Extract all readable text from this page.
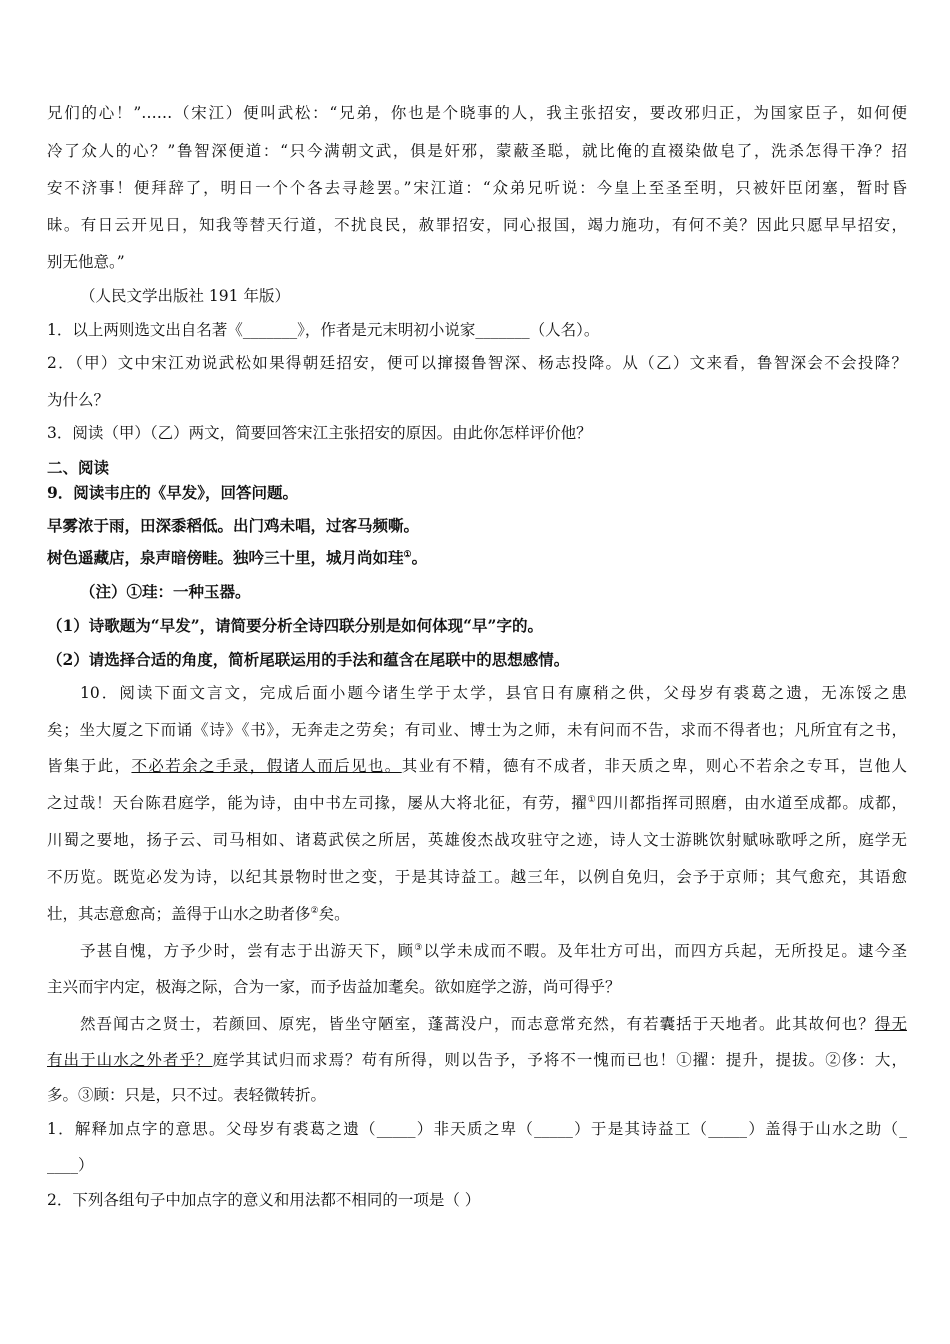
兄们的心！”……（宋江）便叫武松：“兄弟，你也是个晓事的人，我主张招安，要改邪归正，为国家臣子，如何便
冷了众人的心？”鲁智深便道：“只今满朝文武，俱是奸邪，蒙蔽圣聪，就比俺的直裰染做皂了，洗杀怎得干净？招
安不济事！便拜辞了，明日一个个各去寻趁罢。”宋江道：“众弟兄听说：今皇上至圣至明，只被奸臣闭塞，暂时昏
昧。有日云开见日，知我等替天行道，不扰良民，赦罪招安，同心报国，竭力施功，有何不美？因此只愿早早招安，
别无他意。”
（人民文学出版社 191 年版）
1．以上两则选文出自名著《_______》，作者是元末明初小说家_______（人名）。
2．（甲）文中宋江劝说武松如果得朝廷招安，便可以撺掇鲁智深、杨志投降。从（乙）文来看，鲁智深会不会投降？
为什么？
3．阅读（甲）（乙）两文，简要回答宋江主张招安的原因。由此你怎样评价他？
二、阅读
9．阅读韦庄的《早发》，回答问题。
早雾浓于雨，田深黍稻低。出门鸡未唱，过客马频嘶。
树色遥藏店，泉声暗傍畦。独吟三十里，城月尚如珪①。
（注）①珪：一种玉器。
（1）诗歌题为“早发”，请简要分析全诗四联分别是如何体现“早”字的。
（2）请选择合适的角度，简析尾联运用的手法和蕴含在尾联中的思想感情。
10．阅读下面文言文，完成后面小题今诸生学于太学，县官日有廪稍之供，父母岁有裘葛之遗，无冻馁之患
矣；坐大厦之下而诵《诗》《书》，无奔走之劳矣；有司业、博士为之师，未有问而不告，求而不得者也；凡所宜有之书，
皆集于此，不必若余之手录，假诸人而后见也。其业有不精，德有不成者，非天质之卑，则心不若余之专耳，岂他人
之过哉！天台陈君庭学，能为诗，由中书左司掾，屡从大将北征，有劳，擢①四川都指挥司照磨，由水道至成都。成都，
川蜀之要地，扬子云、司马相如、诸葛武侯之所居，英雄俊杰战攻驻守之迹，诗人文士游眺饮射赋咏歌呼之所，庭学无
不历览。既览必发为诗，以纪其景物时世之变，于是其诗益工。越三年，以例自免归，会予于京师；其气愈充，其语愈
壮，其志意愈高；盖得于山水之助者侈②矣。
予甚自愧，方予少时，尝有志于出游天下，顾③以学未成而不暇。及年壮方可出，而四方兵起，无所投足。逮今圣
主兴而宇内定，极海之际，合为一家，而予齿益加耄矣。欲如庭学之游，尚可得乎？
然吾闻古之贤士，若颜回、原宪，皆坐守陋室，蓬蒿没户，而志意常充然，有若囊括于天地者。此其故何也？得无
有出于山水之外者乎？庭学其试归而求焉？苟有所得，则以告予，予将不一愧而已也！①擢：提升，提拔。②侈：大，
多。③顾：只是，只不过。表轻微转折。
1．解释加点字的意思。父母岁有裘葛之遗（_____）非天质之卑（_____）于是其诗益工（_____）盖得于山水之助（_
____）
2．下列各组句子中加点字的意义和用法都不相同的一项是（ ）
